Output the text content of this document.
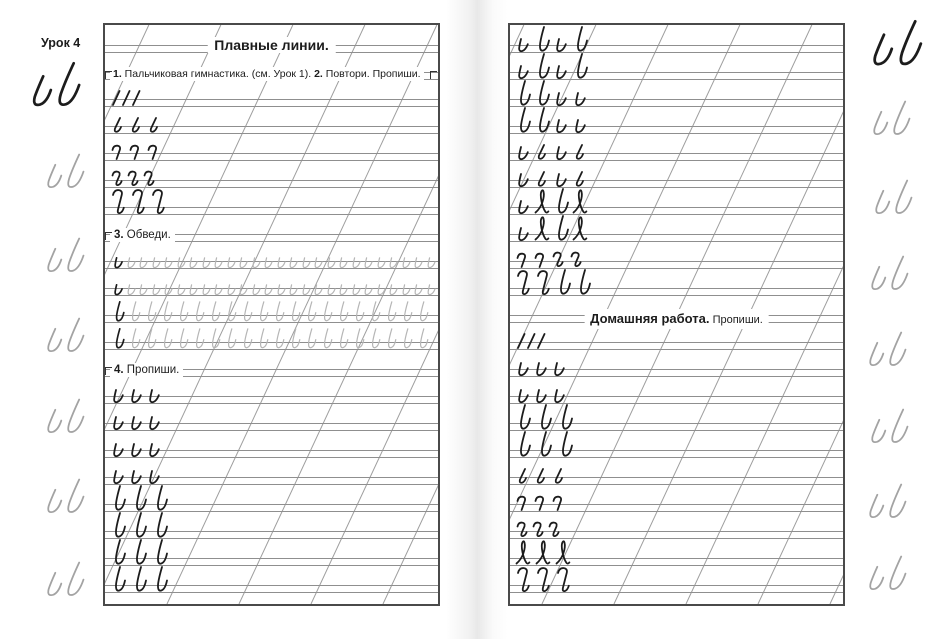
Урок 4	Плавные линии.
1. Пальчиковая гимнастика. (см. Урок 1). 2. Повтори. Пропиши.
3. Обведи.
4. Пропиши.
Домашняя работа. Пропиши.
